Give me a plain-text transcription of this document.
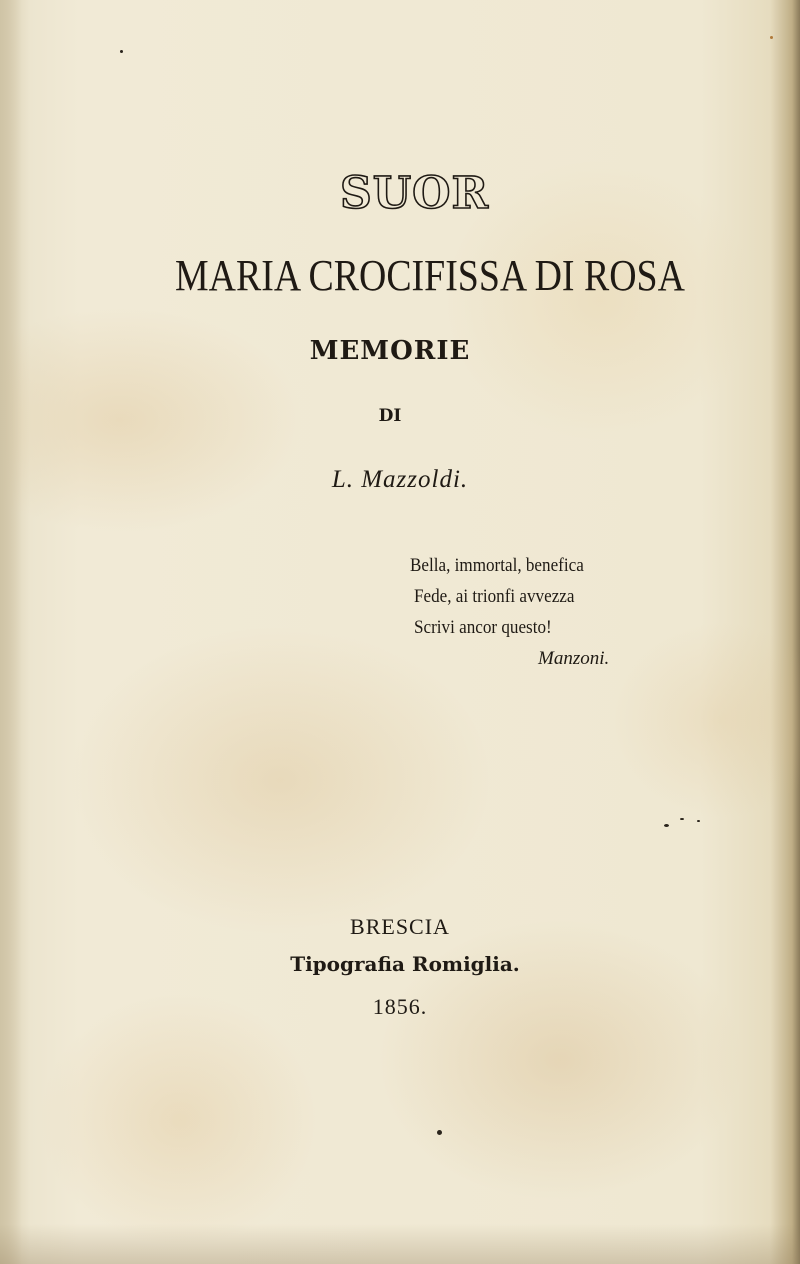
SUOR
MARIA CROCIFISSA DI ROSA
MEMORIE
DI
L. Mazzoldi.
Bella, immortal, benefica
Fede, ai trionfi avvezza
Scrivi ancor questo!
Manzoni.
BRESCIA
Tipografia Romiglia.
1856.
